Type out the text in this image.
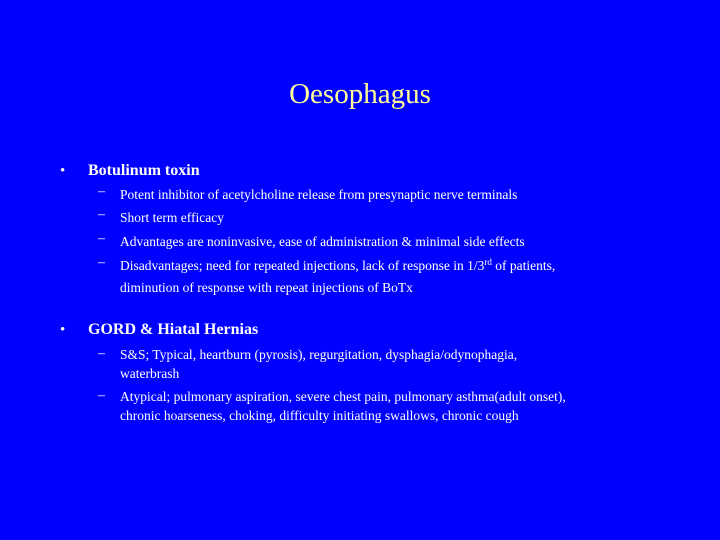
Oesophagus
• Botulinum toxin
– Potent inhibitor of acetylcholine release from presynaptic nerve terminals
– Short term efficacy
– Advantages are noninvasive, ease of administration & minimal side effects
– Disadvantages; need for repeated injections, lack of response in 1/3rd of patients,
diminution of response with repeat injections of BoTx
• GORD & Hiatal Hernias
– S&S; Typical, heartburn (pyrosis), regurgitation, dysphagia/odynophagia,
waterbrash
– Atypical; pulmonary aspiration, severe chest pain, pulmonary asthma(adult onset),
chronic hoarseness, choking, difficulty initiating swallows, chronic cough
